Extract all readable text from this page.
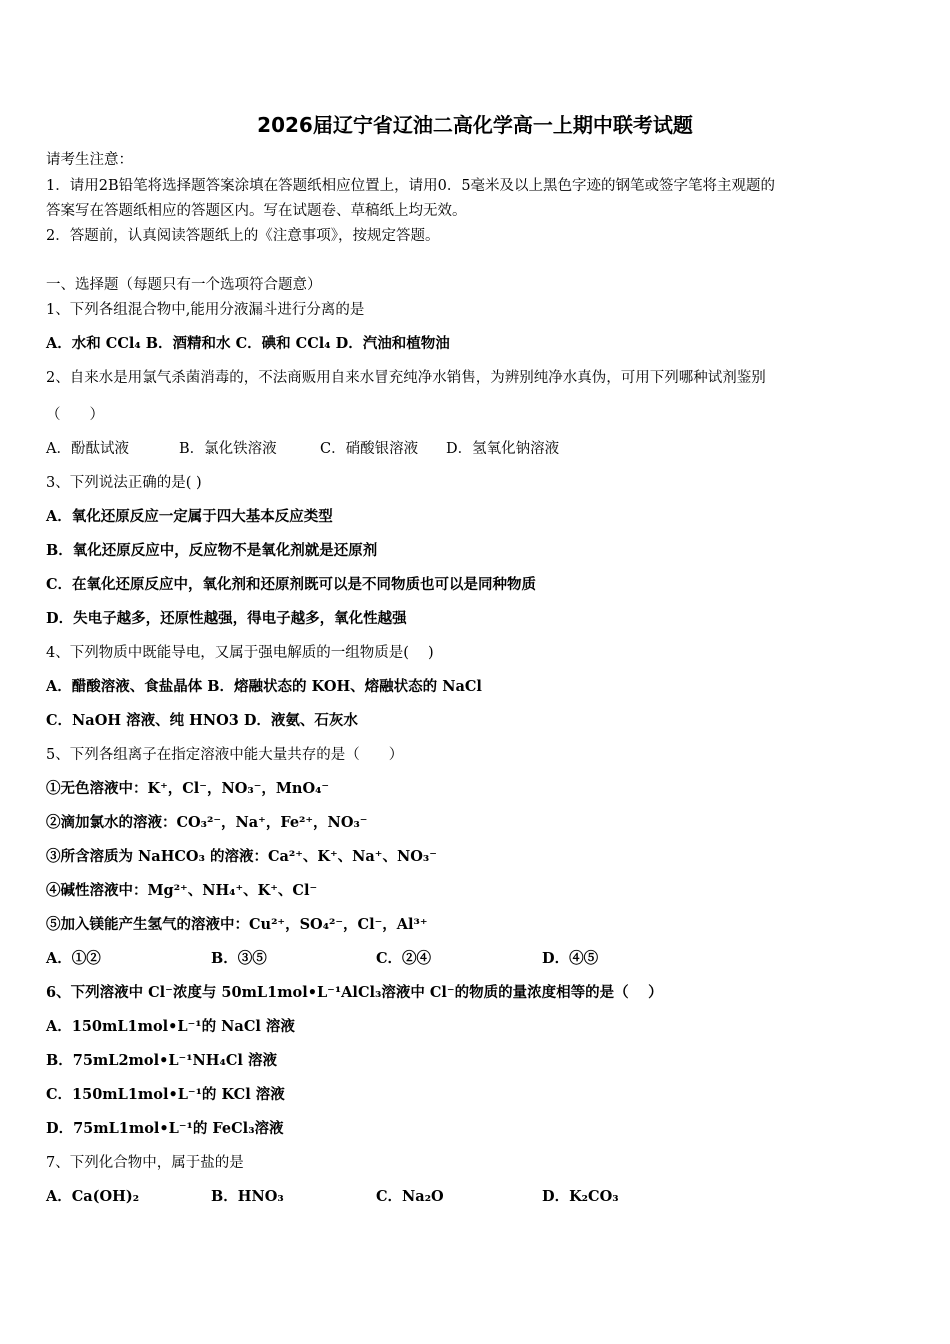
2026届辽宁省辽油二高化学高一上期中联考试题
请考生注意：
1．请用2B铅笔将选择题答案涂填在答题纸相应位置上，请用0．5毫米及以上黑色字迹的钢笔或签字笔将主观题的
答案写在答题纸相应的答题区内。写在试题卷、草稿纸上均无效。
2．答题前，认真阅读答题纸上的《注意事项》，按规定答题。
一、选择题（每题只有一个选项符合题意）
1、下列各组混合物中,能用分液漏斗进行分离的是
A．水和 CCl₄ B．酒精和水 C．碘和 CCl₄ D．汽油和植物油
2、自来水是用氯气杀菌消毒的，不法商贩用自来水冒充纯净水销售，为辨别纯净水真伪，可用下列哪种试剂鉴别
（　　）
A．酚酞试液	B．氯化铁溶液	C．硝酸银溶液 D．氢氧化钠溶液
3、下列说法正确的是( )
A．氧化还原反应一定属于四大基本反应类型
B．氧化还原反应中，反应物不是氧化剂就是还原剂
C．在氧化还原反应中，氧化剂和还原剂既可以是不同物质也可以是同种物质
D．失电子越多，还原性越强，得电子越多，氧化性越强
4、下列物质中既能导电，又属于强电解质的一组物质是(　 )
A．醋酸溶液、食盐晶体 B．熔融状态的 KOH、熔融状态的 NaCl
C．NaOH 溶液、纯 HNO3 D．液氨、石灰水
5、下列各组离子在指定溶液中能大量共存的是（　　）
①无色溶液中：K⁺，Cl⁻，NO₃⁻，MnO₄⁻
②滴加氯水的溶液：CO₃²⁻，Na⁺，Fe²⁺，NO₃⁻
③所含溶质为 NaHCO₃ 的溶液：Ca²⁺、K⁺、Na⁺、NO₃⁻
④碱性溶液中：Mg²⁺、NH₄⁺、K⁺、Cl⁻
⑤加入镁能产生氢气的溶液中：Cu²⁺，SO₄²⁻，Cl⁻，Al³⁺
A．①②	B．③⑤	C．②④	D．④⑤
6、下列溶液中 Cl⁻浓度与 50mL1mol•L⁻¹AlCl₃溶液中 Cl⁻的物质的量浓度相等的是（　 ）
A．150mL1mol•L⁻¹的 NaCl 溶液
B．75mL2mol•L⁻¹NH₄Cl 溶液
C．150mL1mol•L⁻¹的 KCl 溶液
D．75mL1mol•L⁻¹的 FeCl₃溶液
7、下列化合物中，属于盐的是
A．Ca(OH)₂	B．HNO₃	C．Na₂O	D．K₂CO₃
